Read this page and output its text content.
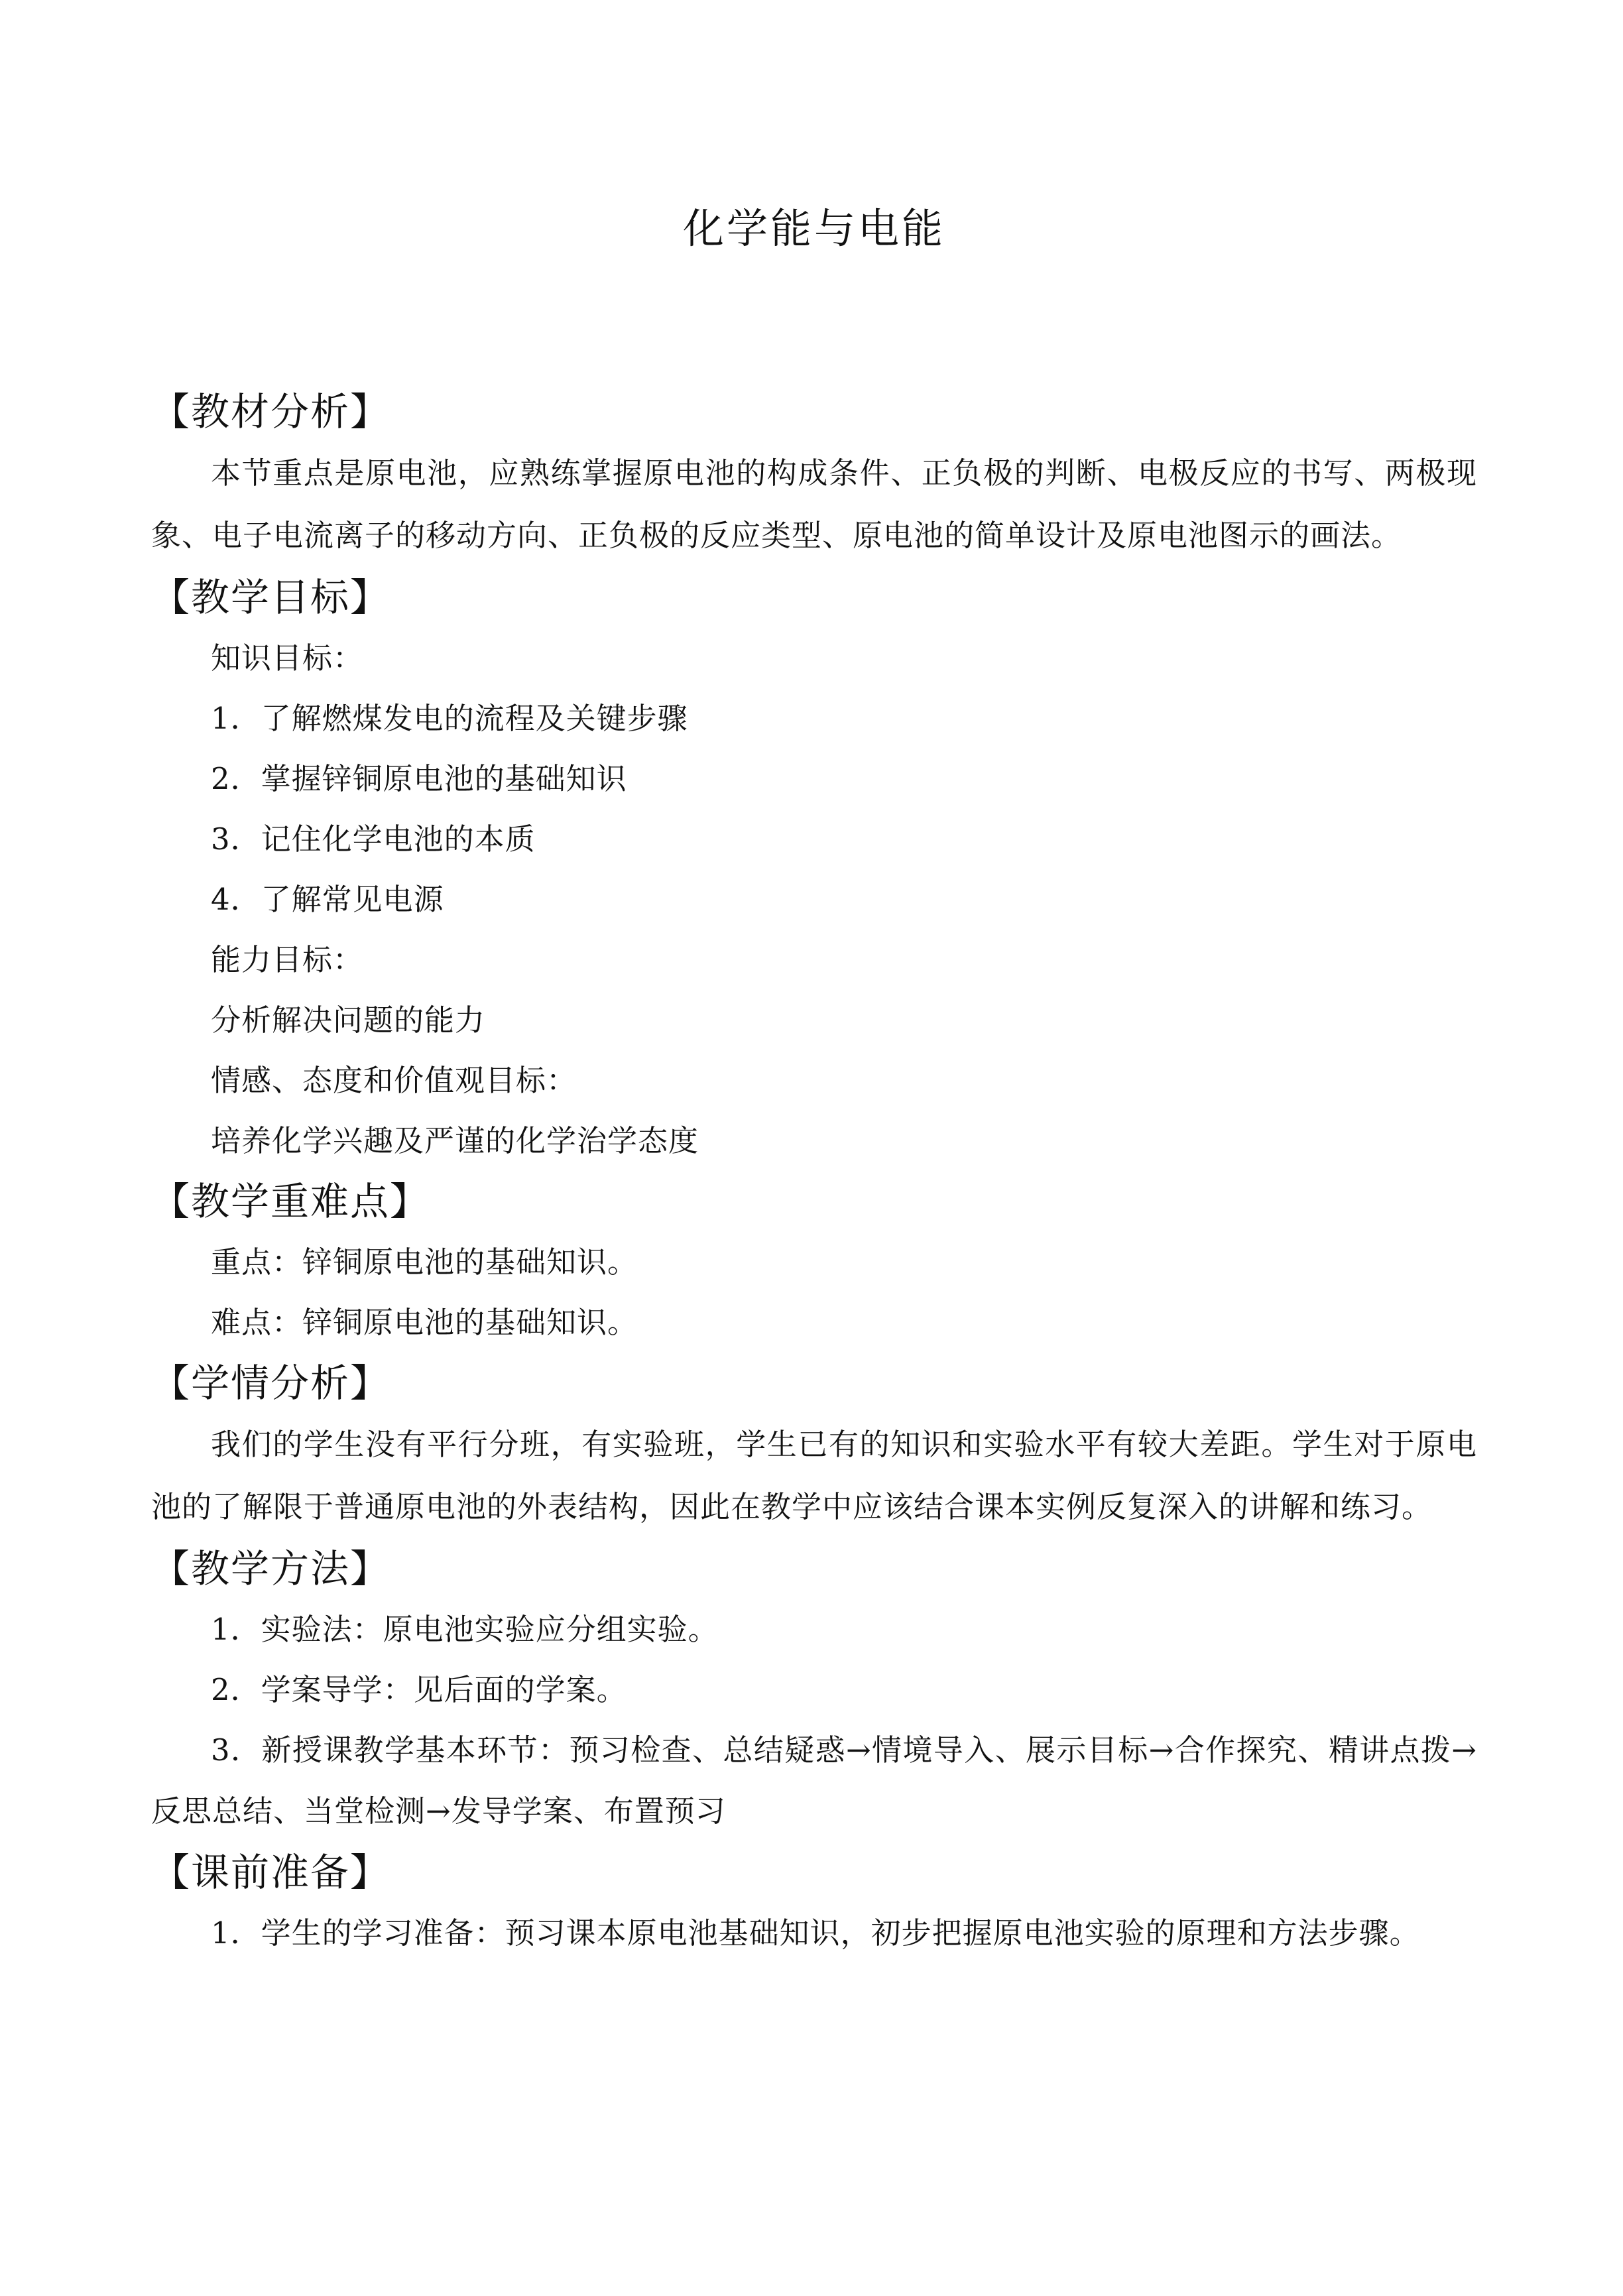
化学能与电能
【教材分析】

本节重点是原电池，应熟练掌握原电池的构成条件、正负极的判断、电极反应的书写、两极现象、电子电流离子的移动方向、正负极的反应类型、原电池的简单设计及原电池图示的画法。

【教学目标】

知识目标：

1．了解燃煤发电的流程及关键步骤

2．掌握锌铜原电池的基础知识

3．记住化学电池的本质

4．了解常见电源

能力目标：

分析解决问题的能力

情感、态度和价值观目标：

培养化学兴趣及严谨的化学治学态度

【教学重难点】

重点：锌铜原电池的基础知识。

难点：锌铜原电池的基础知识。

【学情分析】

我们的学生没有平行分班，有实验班，学生已有的知识和实验水平有较大差距。学生对于原电池的了解限于普通原电池的外表结构，因此在教学中应该结合课本实例反复深入的讲解和练习。

【教学方法】

1．实验法：原电池实验应分组实验。

2．学案导学：见后面的学案。

3．新授课教学基本环节：预习检查、总结疑惑→情境导入、展示目标→合作探究、精讲点拨→反思总结、当堂检测→发导学案、布置预习

【课前准备】

1．学生的学习准备：预习课本原电池基础知识，初步把握原电池实验的原理和方法步骤。
